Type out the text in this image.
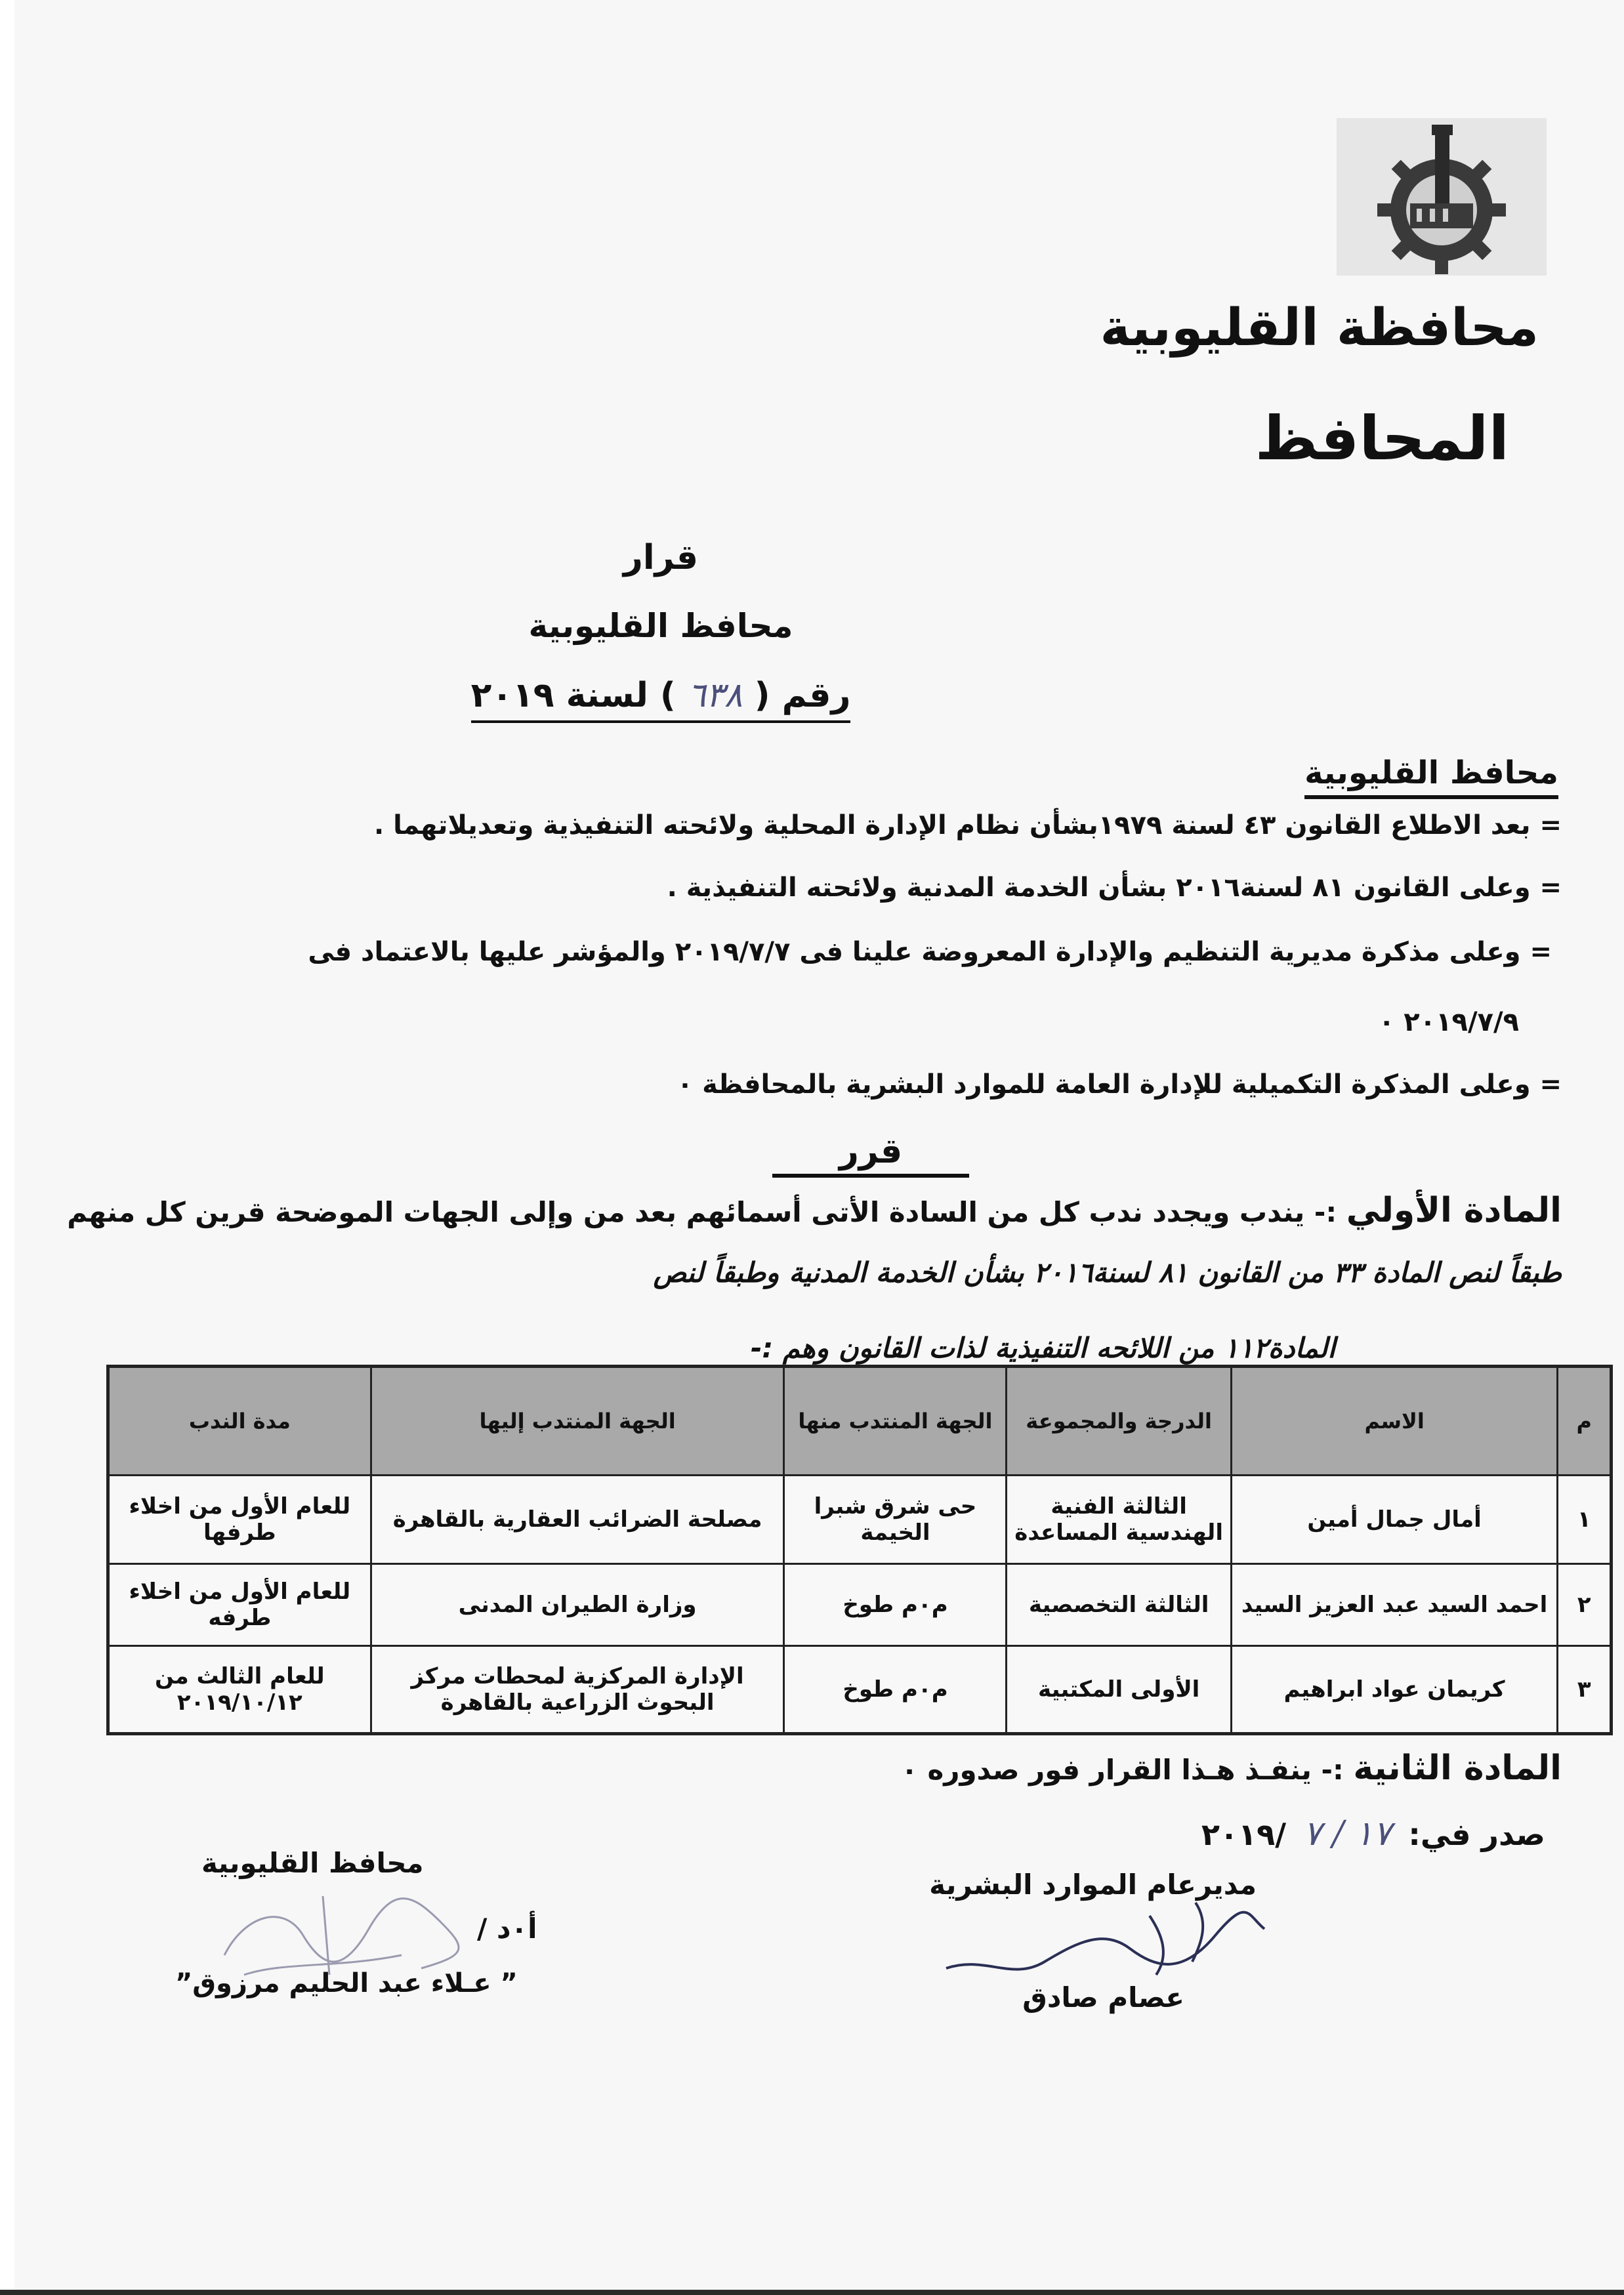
محافظة القليوبية
المحافظ
قرار
محافظ القليوبية
رقم ( ٦٣٨ ) لسنة ٢٠١٩
محافظ القليوبية
= بعد الاطلاع القانون ٤٣ لسنة ١٩٧٩بشأن نظام الإدارة المحلية ولائحته التنفيذية وتعديلاتهما .
= وعلى القانون ٨١ لسنة٢٠١٦ بشأن الخدمة المدنية ولائحته التنفيذية .
= وعلى مذكرة مديرية التنظيم والإدارة المعروضة علينا فى ٢٠١٩/٧/٧ والمؤشر عليها بالاعتماد فى
٢٠١٩/٧/٩ ٠
= وعلى المذكرة التكميلية للإدارة العامة للموارد البشرية بالمحافظة ٠
قرر
المادة الأولي :- يندب ويجدد ندب كل من السادة الأتى أسمائهم بعد من وإلى الجهات الموضحة قرين كل منهم
طبقاً لنص المادة ٣٣ من القانون ٨١ لسنة٢٠١٦ بشأن الخدمة المدنية وطبقاً لنص
المادة١١٢ من اللائحه التنفيذية لذات القانون وهم :-
م	الاسم	الدرجة والمجموعة	الجهة المنتدب منها	الجهة المنتدب إليها	مدة الندب
١	أمال جمال أمين	الثالثة الفنية الهندسية المساعدة	حى شرق شبرا الخيمة	مصلحة الضرائب العقارية بالقاهرة	للعام الأول من اخلاء طرفها
٢	احمد السيد عبد العزيز السيد	الثالثة التخصصية	م٠م طوخ	وزارة الطيران المدنى	للعام الأول من اخلاء طرفه
٣	كريمان عواد ابراهيم	الأولى المكتبية	م٠م طوخ	الإدارة المركزية لمحطات مركز البحوث الزراعية بالقاهرة	للعام الثالث من ٢٠١٩/١٠/١٢
المادة الثانية :- ينفـذ هـذا القرار فور صدوره ٠
صدر في: ١٧ / ٧ /٢٠١٩
مديرعام الموارد البشرية
عصام صادق
محافظ القليوبية
أ٠د /
” عـلاء عبد الحليم مرزوق”
